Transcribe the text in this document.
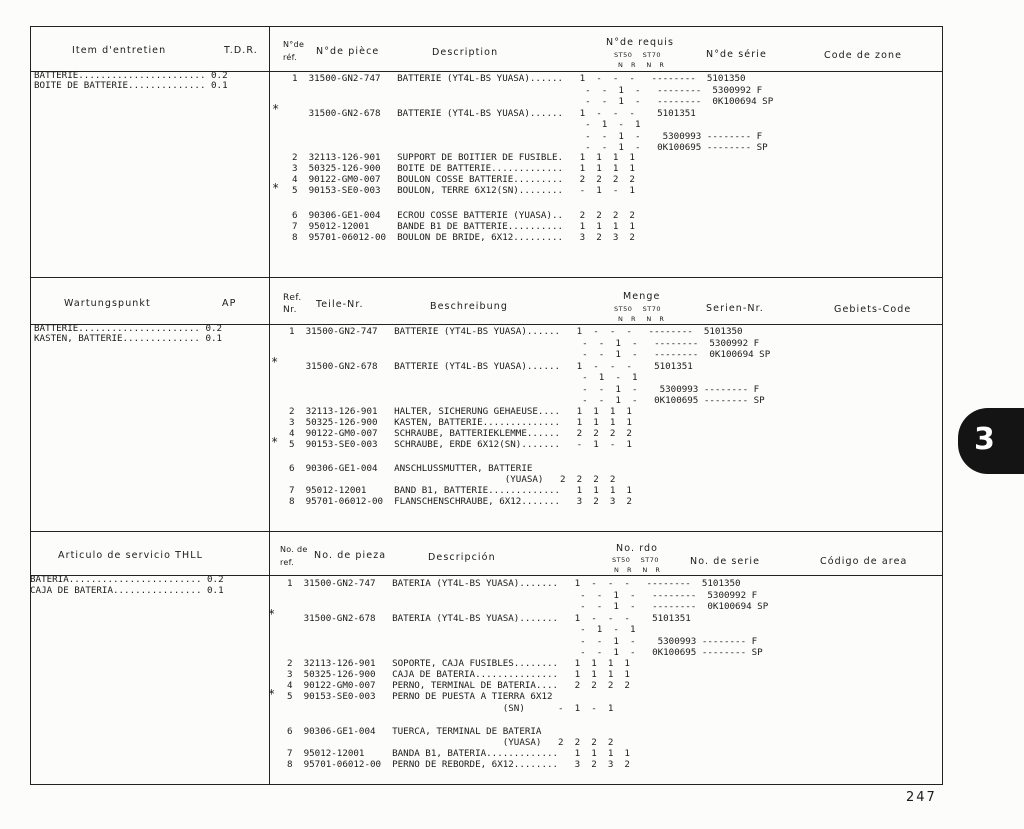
Item d'entretien	T.D.R.
N°de
réf.
N°de pièce	Description
N°de requis
ST50    ST70
N   R    N   R
N°de série	Code de zone
BATTERIE....................... 0.2
BOITE DE BATTERIE.............. 0.1
1  31500-GN2-747   BATTERIE (YT4L-BS YUASA)......   1  -  -  -   --------  5101350
-  -  1  -   --------  5300992 F
-  -  1  -   --------  0K100694 SP
31500-GN2-678   BATTERIE (YT4L-BS YUASA)......   1  -  -  -    5101351
-  1  -  1
-  -  1  -    5300993 -------- F
-  -  1  -   0K100695 -------- SP
2  32113-126-901   SUPPORT DE BOITIER DE FUSIBLE.   1  1  1  1
3  50325-126-900   BOITE DE BATTERIE.............   1  1  1  1
4  90122-GM0-007   BOULON COSSE BATTERIE.........   2  2  2  2
5  90153-SE0-003   BOULON, TERRE 6X12(SN)........   -  1  -  1
6  90306-GE1-004   ECROU COSSE BATTERIE (YUASA)..   2  2  2  2
7  95012-12001     BANDE B1 DE BATTERIE..........   1  1  1  1
8  95701-06012-00  BOULON DE BRIDE, 6X12.........   3  2  3  2
*
*
Wartungspunkt	AP	Ref.
Nr. Teile-Nr.	Beschreibung
Menge
ST50    ST70
N   R    N   R
Serien-Nr.	Gebiets-Code
BATTERIE...................... 0.2
KASTEN, BATTERIE.............. 0.1
1  31500-GN2-747   BATTERIE (YT4L-BS YUASA)......   1  -  -  -   --------  5101350
-  -  1  -   --------  5300992 F
-  -  1  -   --------  0K100694 SP
31500-GN2-678   BATTERIE (YT4L-BS YUASA)......   1  -  -  -    5101351
-  1  -  1
-  -  1  -    5300993 -------- F
-  -  1  -   0K100695 -------- SP
2  32113-126-901   HALTER, SICHERUNG GEHAEUSE....   1  1  1  1
3  50325-126-900   KASTEN, BATTERIE..............   1  1  1  1
4  90122-GM0-007   SCHRAUBE, BATTERIEKLEMME......   2  2  2  2
5  90153-SE0-003   SCHRAUBE, ERDE 6X12(SN).......   -  1  -  1
6  90306-GE1-004   ANSCHLUSSMUTTER, BATTERIE
(YUASA)   2  2  2  2
7  95012-12001     BAND B1, BATTERIE.............   1  1  1  1
8  95701-06012-00  FLANSCHENSCHRAUBE, 6X12.......   3  2  3  2
*
*
Articulo de servicio THLL
No. de
ref.
No. de pieza	Descripción
No. rdo
ST50    ST70
N   R    N   R
No. de serie	Código de area
BATERIA........................ 0.2
CAJA DE BATERIA................ 0.1
1  31500-GN2-747   BATERIA (YT4L-BS YUASA).......   1  -  -  -   --------  5101350
-  -  1  -   --------  5300992 F
-  -  1  -   --------  0K100694 SP
31500-GN2-678   BATERIA (YT4L-BS YUASA).......   1  -  -  -    5101351
-  1  -  1
-  -  1  -    5300993 -------- F
-  -  1  -   0K100695 -------- SP
2  32113-126-901   SOPORTE, CAJA FUSIBLES........   1  1  1  1
3  50325-126-900   CAJA DE BATERIA...............   1  1  1  1
4  90122-GM0-007   PERNO, TERMINAL DE BATERIA....   2  2  2  2
5  90153-SE0-003   PERNO DE PUESTA A TIERRA 6X12
(SN)      -  1  -  1
6  90306-GE1-004   TUERCA, TERMINAL DE BATERIA
(YUASA)   2  2  2  2
7  95012-12001     BANDA B1, BATERIA.............   1  1  1  1
8  95701-06012-00  PERNO DE REBORDE, 6X12........   3  2  3  2
*
*
3
247
